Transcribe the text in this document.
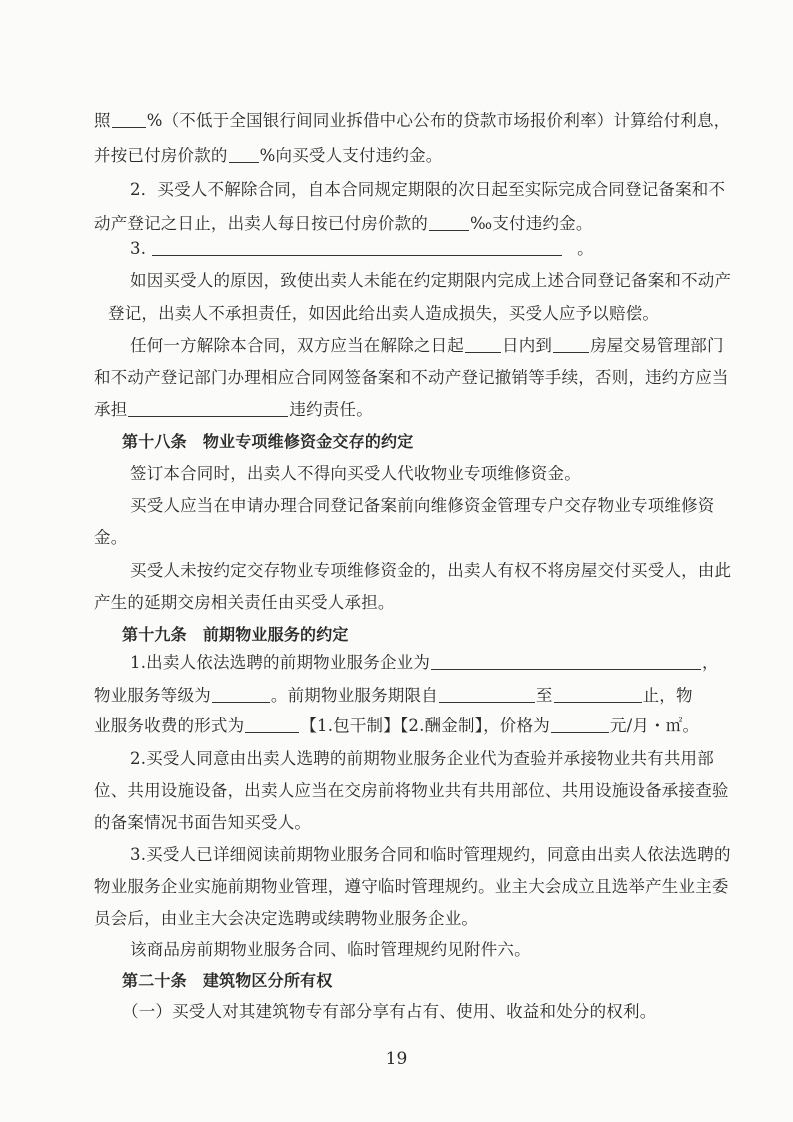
照 %（不低于全国银行间同业拆借中心公布的贷款市场报价利率）计算给付利息，
并按已付房价款的 %向买受人支付违约金。
2．买受人不解除合同，自本合同规定期限的次日起至实际完成合同登记备案和不
动产登记之日止，出卖人每日按已付房价款的	‰支付违约金。
3.	。
如因买受人的原因，致使出卖人未能在约定期限内完成上述合同登记备案和不动产
登记，出卖人不承担责任，如因此给出卖人造成损失，买受人应予以赔偿。
任何一方解除本合同，双方应当在解除之日起 日内到 房屋交易管理部门
和不动产登记部门办理相应合同网签备案和不动产登记撤销等手续，否则，违约方应当
承担	违约责任。
第十八条 物业专项维修资金交存的约定
签订本合同时，出卖人不得向买受人代收物业专项维修资金。
买受人应当在申请办理合同登记备案前向维修资金管理专户交存物业专项维修资
金。
买受人未按约定交存物业专项维修资金的，出卖人有权不将房屋交付买受人，由此
产生的延期交房相关责任由买受人承担。
第十九条 前期物业服务的约定
1.出卖人依法选聘的前期物业服务企业为	，
物业服务等级为	。前期物业服务期限自	至	止，物
业服务收费的形式为	【1.包干制】【2.酬金制】，价格为	元/月・㎡。
2.买受人同意由出卖人选聘的前期物业服务企业代为查验并承接物业共有共用部
位、共用设施设备，出卖人应当在交房前将物业共有共用部位、共用设施设备承接查验
的备案情况书面告知买受人。
3.买受人已详细阅读前期物业服务合同和临时管理规约，同意由出卖人依法选聘的
物业服务企业实施前期物业管理，遵守临时管理规约。业主大会成立且选举产生业主委
员会后，由业主大会决定选聘或续聘物业服务企业。
该商品房前期物业服务合同、临时管理规约见附件六。
第二十条 建筑物区分所有权
（一）买受人对其建筑物专有部分享有占有、使用、收益和处分的权利。
19
